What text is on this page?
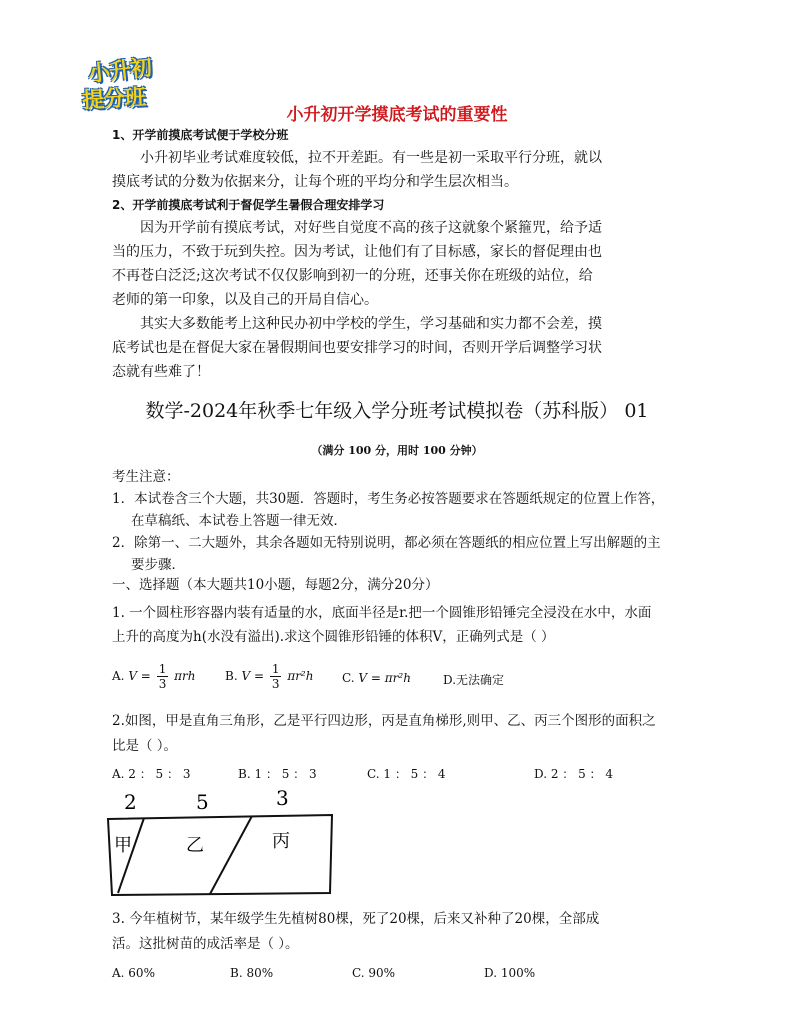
小升初
提分班
小升初开学摸底考试的重要性
1、开学前摸底考试便于学校分班
小升初毕业考试难度较低，拉不开差距。有一些是初一采取平行分班，就以
摸底考试的分数为依据来分，让每个班的平均分和学生层次相当。
2、开学前摸底考试利于督促学生暑假合理安排学习
因为开学前有摸底考试，对好些自觉度不高的孩子这就象个紧箍咒，给予适
当的压力，不致于玩到失控。因为考试，让他们有了目标感，家长的督促理由也
不再苍白泛泛;这次考试不仅仅影响到初一的分班，还事关你在班级的站位，给
老师的第一印象，以及自己的开局自信心。
其实大多数能考上这种民办初中学校的学生，学习基础和实力都不会差，摸
底考试也是在督促大家在暑假期间也要安排学习的时间，否则开学后调整学习状
态就有些难了！
数学-2024年秋季七年级入学分班考试模拟卷（苏科版） 01
（满分 100 分，用时 100 分钟）
考生注意：
1．本试卷含三个大题，共30题．答题时，考生务必按答题要求在答题纸规定的位置上作答，
在草稿纸、本试卷上答题一律无效．
2．除第一、二大题外，其余各题如无特别说明，都必须在答题纸的相应位置上写出解题的主
要步骤．
一、选择题（本大题共10小题，每题2分，满分20分）
1. 一个圆柱形容器内装有适量的水，底面半径是r.把一个圆锥形铅锤完全浸没在水中，水面
上升的高度为h(水没有溢出).求这个圆锥形铅锤的体积V，正确列式是（ ）
A. $V = \frac{1}{3}$ πrh B. $V = \frac{1}{3} \pi r^2h$ C. V = πr²h	D.无法确定
2.如图，甲是直角三角形，乙是平行四边形，丙是直角梯形,则甲、乙、丙三个图形的面积之
比是（ ）。
A. 2 ： 5 ： 3	B. 1 ： 5 ： 3	C. 1 ： 5 ： 4	D. 2 ： 5 ： 4
2	5	3
甲	乙	丙
3. 今年植树节，某年级学生先植树80棵，死了20棵，后来又补种了20棵，全部成
活。这批树苗的成活率是（ ）。
A. 60%	B. 80%	C. 90%	D. 100%
